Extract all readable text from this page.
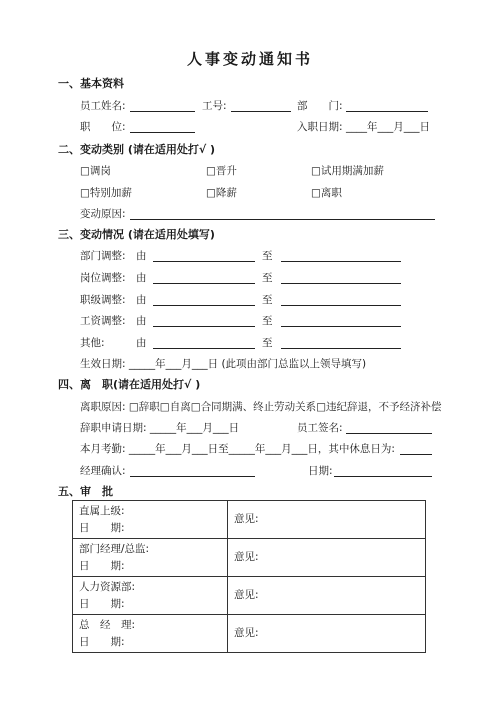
人事变动通知书
一、基本资料
员工姓名:	工号:	部　　门:
职　　位:	入职日期: ____年___月___日
二、变动类别 (请在适用处打√ )
□调岗	□晋升	□试用期满加薪
□特别加薪	□降薪	□离职
变动原因:
三、变动情况 (请在适用处填写)
部门调整: 由	至
岗位调整: 由	至
职级调整: 由	至
工资调整: 由	至
其他:	由	至
生效日期: _____年___月___日 (此项由部门总监以上领导填写)
四、离　职(请在适用处打√ )
离职原因: □辞职□自离□合同期满、终止劳动关系□违纪辞退，不予经济补偿
辞职申请日期: _____年___月___日	员工签名:
本月考勤: _____年___月___日至_____年___月___日，其中休息日为:
经理确认:	日期:
五、审　批
直属上级:
日　　期:	意见:

部门经理/总监:
日　　期:	意见:

人力资源部:
日　　期:	意见:

总　经　理:
日　　期:	意见:
